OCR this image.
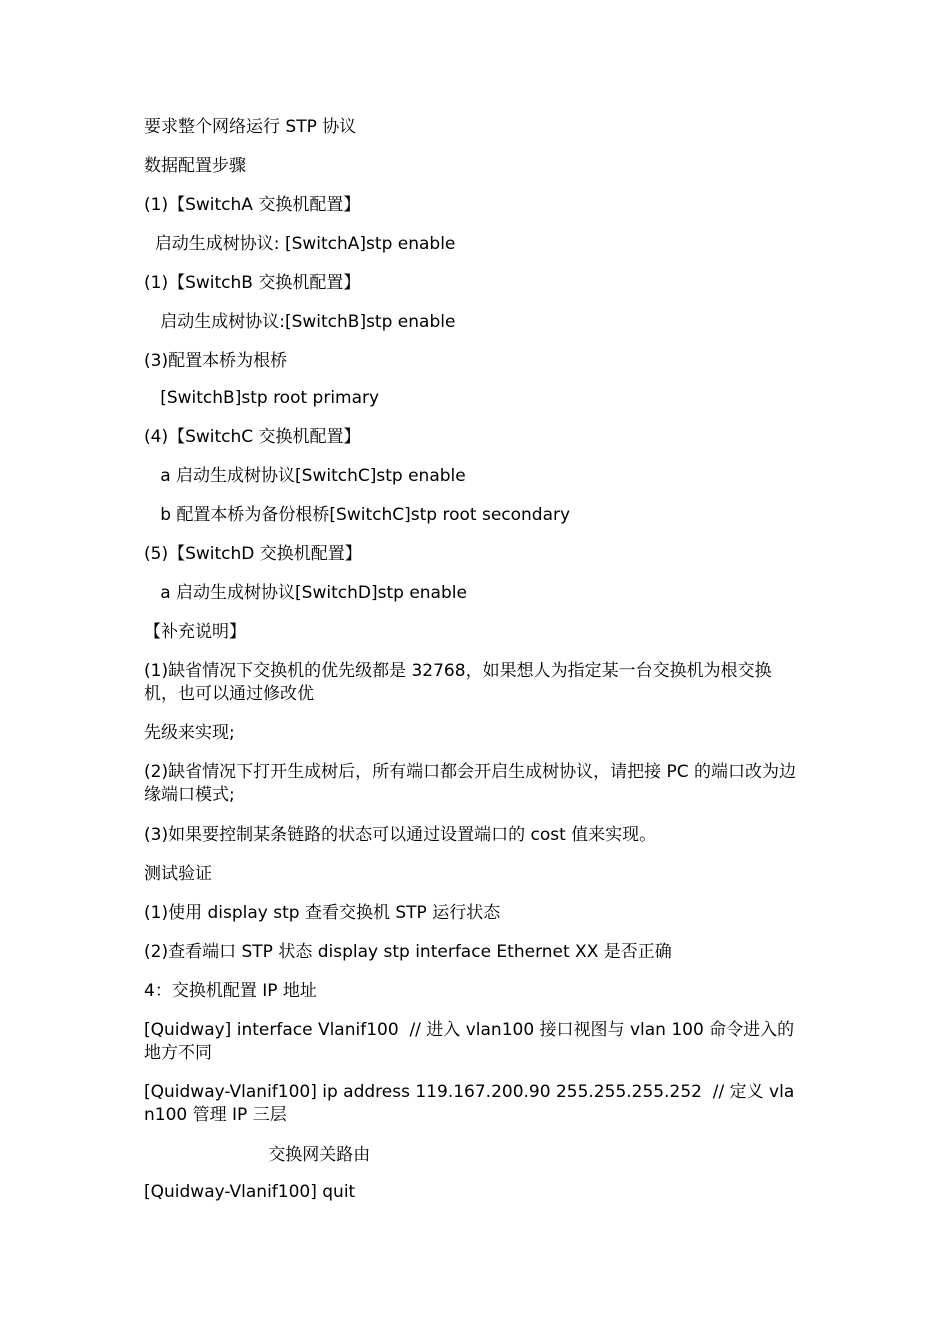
要求整个网络运行 STP 协议
数据配置步骤
(1)【SwitchA 交换机配置】
启动生成树协议: [SwitchA]stp enable
(1)【SwitchB 交换机配置】
启动生成树协议:[SwitchB]stp enable
(3)配置本桥为根桥
[SwitchB]stp root primary
(4)【SwitchC 交换机配置】
a 启动生成树协议[SwitchC]stp enable
b 配置本桥为备份根桥[SwitchC]stp root secondary
(5)【SwitchD 交换机配置】
a 启动生成树协议[SwitchD]stp enable
【补充说明】
(1)缺省情况下交换机的优先级都是 32768，如果想人为指定某一台交换机为根交换机，也可以通过修改优
先级来实现;
(2)缺省情况下打开生成树后，所有端口都会开启生成树协议，请把接 PC 的端口改为边缘端口模式;
(3)如果要控制某条链路的状态可以通过设置端口的 cost 值来实现。
测试验证
(1)使用 display stp 查看交换机 STP 运行状态
(2)查看端口 STP 状态 display stp interface Ethernet XX 是否正确
4：交换机配置 IP 地址
[Quidway] interface Vlanif100  // 进入 vlan100 接口视图与 vlan 100 命令进入的地方不同
[Quidway-Vlanif100] ip address 119.167.200.90 255.255.255.252  // 定义 vlan100 管理 IP 三层
交换网关路由
[Quidway-Vlanif100] quit
